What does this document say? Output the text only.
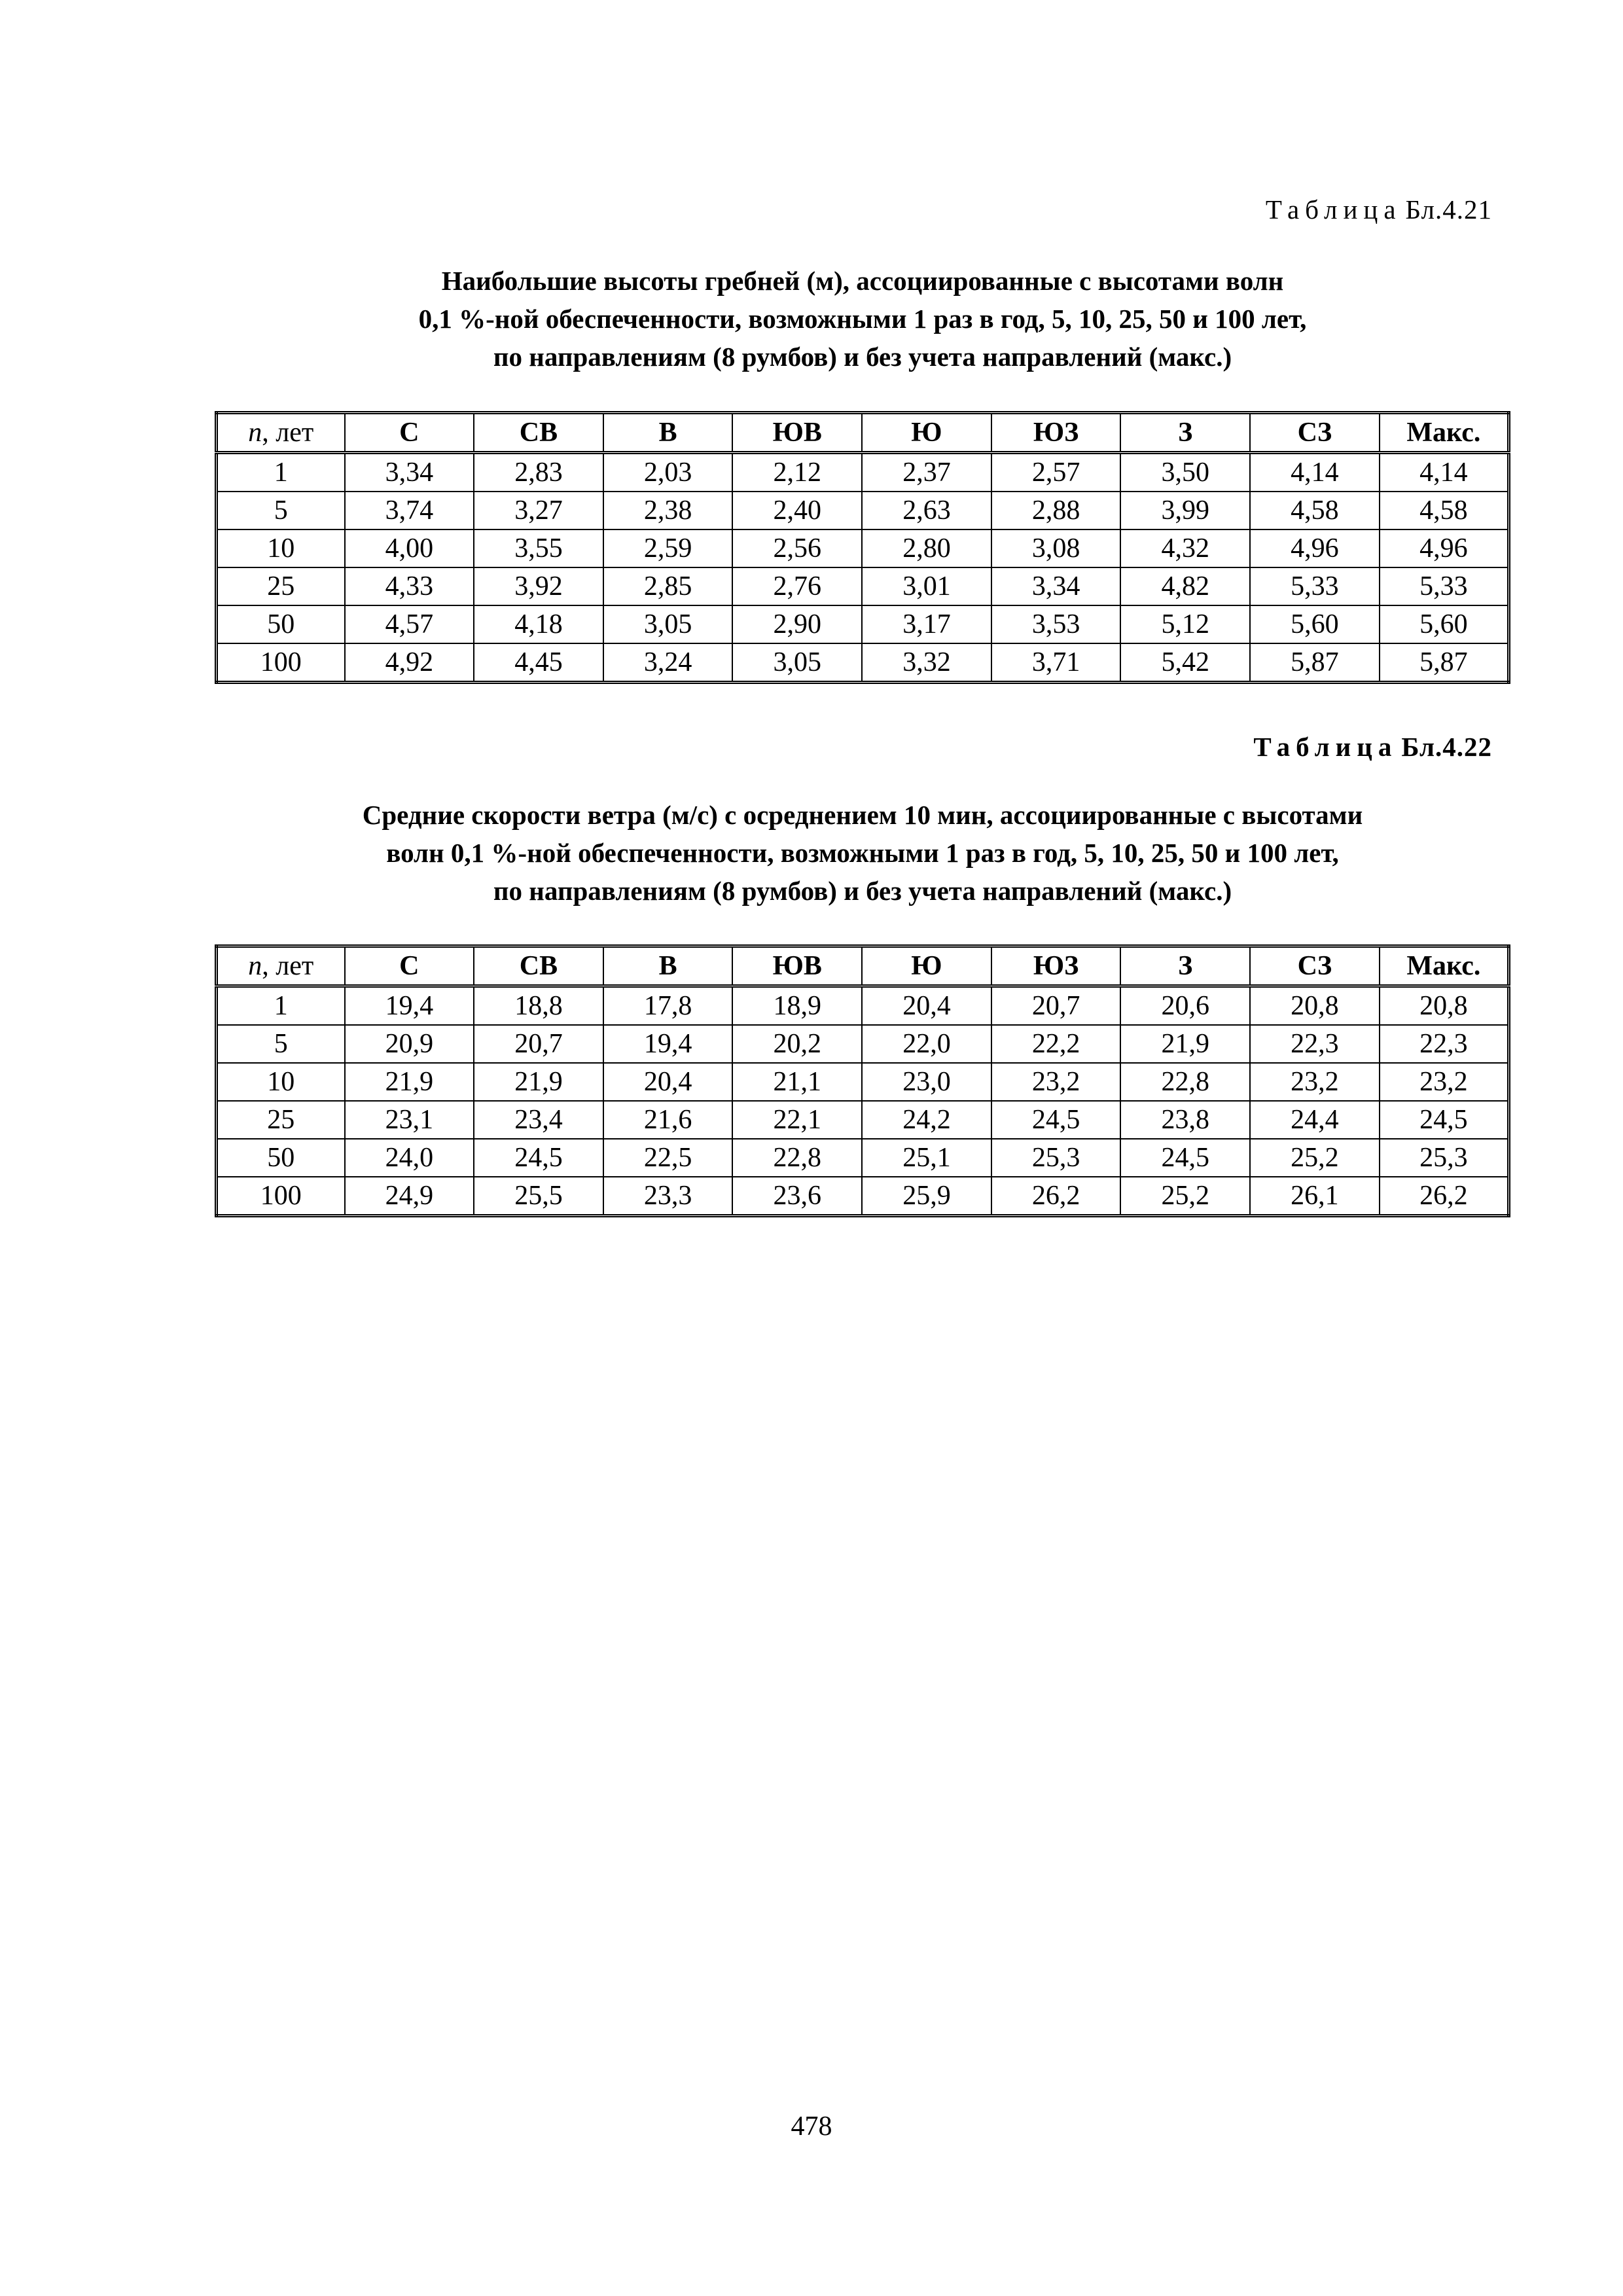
Таблица Бл.4.21
Наибольшие высоты гребней (м), ассоциированные с высотами волн
0,1 %-ной обеспеченности, возможными 1 раз в год, 5, 10, 25, 50 и 100 лет,
по направлениям (8 румбов) и без учета направлений (макс.)
n, лет	С	СВ	В	ЮВ	Ю	ЮЗ	З	СЗ	Макс.
1	3,34	2,83	2,03	2,12	2,37	2,57	3,50	4,14	4,14
5	3,74	3,27	2,38	2,40	2,63	2,88	3,99	4,58	4,58
10	4,00	3,55	2,59	2,56	2,80	3,08	4,32	4,96	4,96
25	4,33	3,92	2,85	2,76	3,01	3,34	4,82	5,33	5,33
50	4,57	4,18	3,05	2,90	3,17	3,53	5,12	5,60	5,60
100	4,92	4,45	3,24	3,05	3,32	3,71	5,42	5,87	5,87
Таблица Бл.4.22
Средние скорости ветра (м/с) с осреднением 10 мин, ассоциированные с высотами
волн 0,1 %-ной обеспеченности, возможными 1 раз в год, 5, 10, 25, 50 и 100 лет,
по направлениям (8 румбов) и без учета направлений (макс.)
n, лет	С	СВ	В	ЮВ	Ю	ЮЗ	З	СЗ	Макс.
1	19,4	18,8	17,8	18,9	20,4	20,7	20,6	20,8	20,8
5	20,9	20,7	19,4	20,2	22,0	22,2	21,9	22,3	22,3
10	21,9	21,9	20,4	21,1	23,0	23,2	22,8	23,2	23,2
25	23,1	23,4	21,6	22,1	24,2	24,5	23,8	24,4	24,5
50	24,0	24,5	22,5	22,8	25,1	25,3	24,5	25,2	25,3
100	24,9	25,5	23,3	23,6	25,9	26,2	25,2	26,1	26,2
478
